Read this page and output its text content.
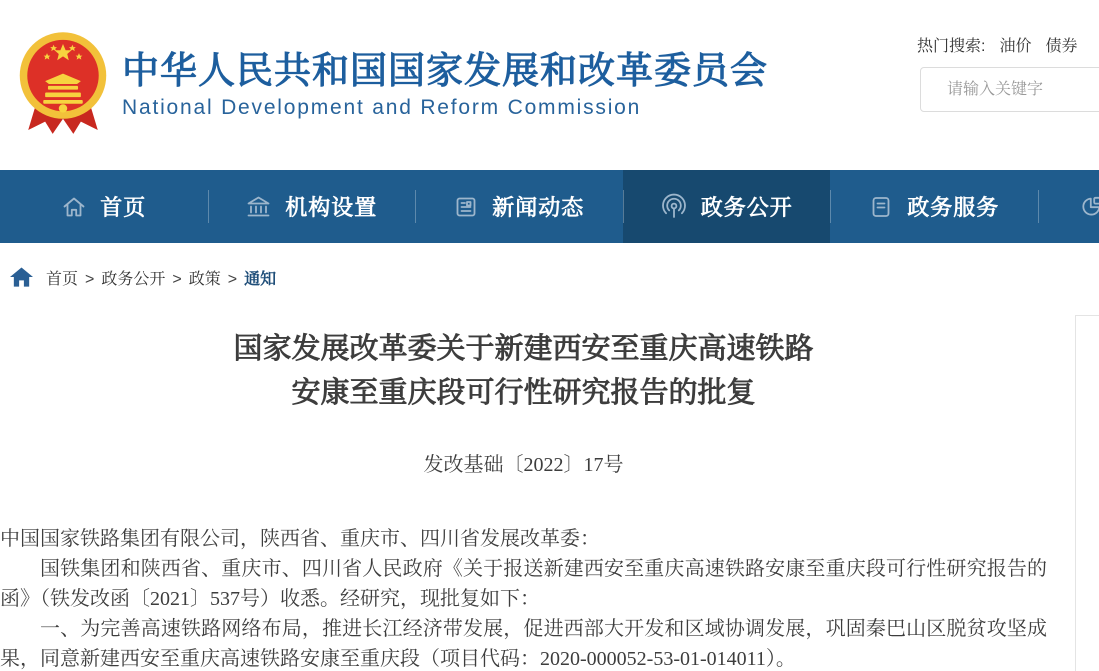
中华人民共和国国家发展和改革委员会
National Development and Reform Commission
热门搜索: 油价 债券
请输入关键字
首页	机构设置	新闻动态	政务公开	政务服务
首页 > 政务公开 > 政策 > 通知
国家发展改革委关于新建西安至重庆高速铁路
安康至重庆段可行性研究报告的批复
发改基础〔2022〕17号

中国国家铁路集团有限公司，陕西省、重庆市、四川省发展改革委：

国铁集团和陕西省、重庆市、四川省人民政府《关于报送新建西安至重庆高速铁路安康至重庆段可行性研究报告的函》（铁发改函〔2021〕537号）收悉。经研究，现批复如下：

一、为完善高速铁路网络布局，推进长江经济带发展，促进西部大开发和区域协调发展，巩固秦巴山区脱贫攻坚成果，同意新建西安至重庆高速铁路安康至重庆段（项目代码：2020-000052-53-01-014011）。
